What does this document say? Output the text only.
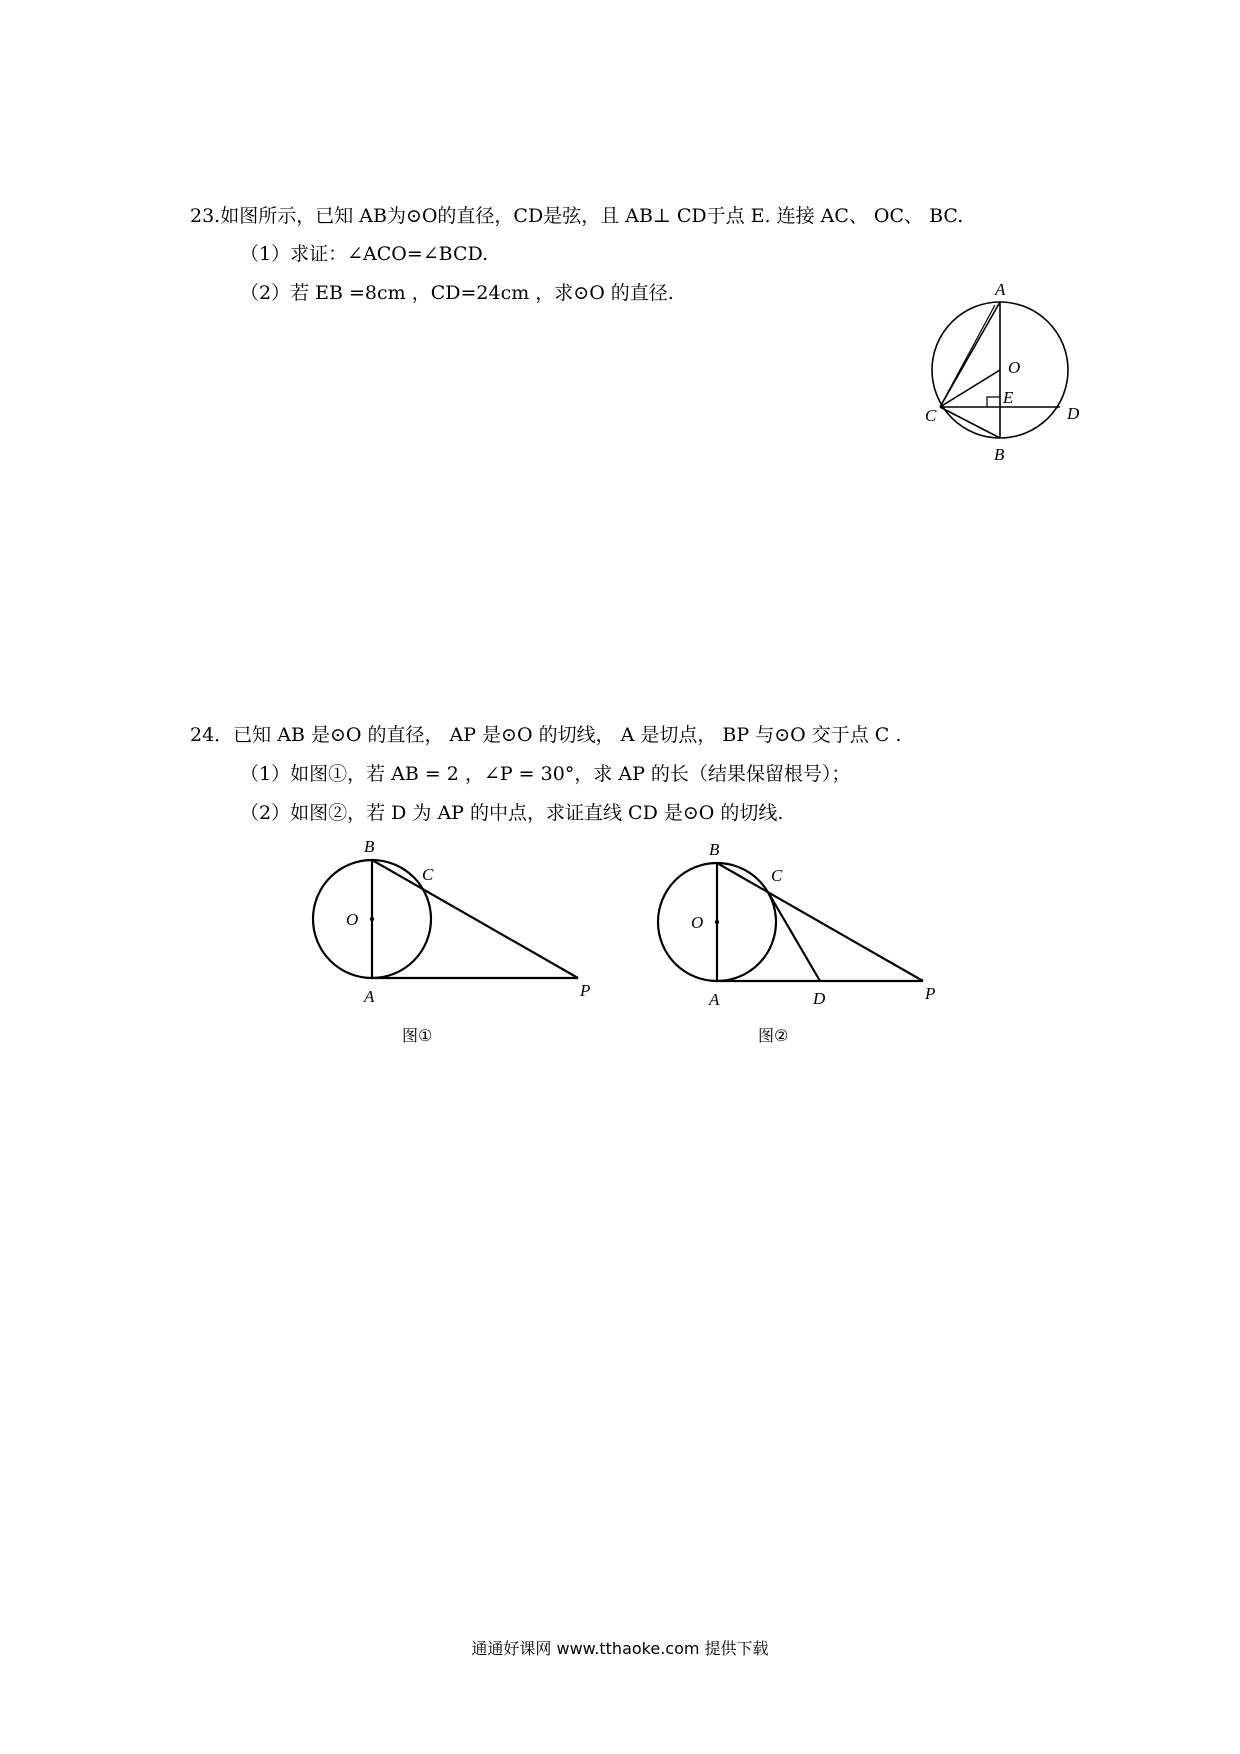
23.如图所示，已知 AB为⊙O的直径，CD是弦，且 AB⊥ CD于点 E. 连接 AC、 OC、 BC.
（1）求证：∠ACO=∠BCD.
（2）若 EB =8cm ，CD=24cm ，求⊙O 的直径.	A
O
E
C	D
B
24．已知 AB 是⊙O 的直径， AP 是⊙O 的切线， A 是切点， BP 与⊙O 交于点 C .
（1）如图①，若 AB = 2 ，∠P = 30°，求 AP 的长（结果保留根号）；
（2）如图②，若 D 为 AP 的中点，求证直线 CD 是⊙O 的切线.
B
C
O
A	P
图①
B
C
O
A	D	P
图②
通通好课网 www.tthaoke.com 提供下载
